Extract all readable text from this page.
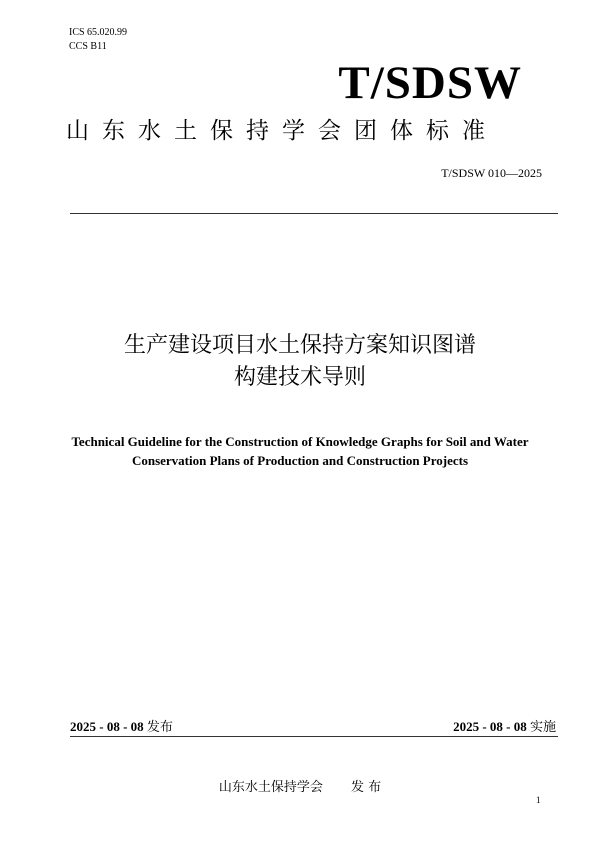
ICS 65.020.99
CCS B11
T/SDSW
山东水土保持学会团体标准
T/SDSW 010—2025
生产建设项目水土保持方案知识图谱
构建技术导则
Technical Guideline for the Construction of Knowledge Graphs for Soil and Water
Conservation Plans of Production and Construction Projects
2025 - 08 - 08 发布	2025 - 08 - 08 实施
山东水土保持学会 发 布
1
